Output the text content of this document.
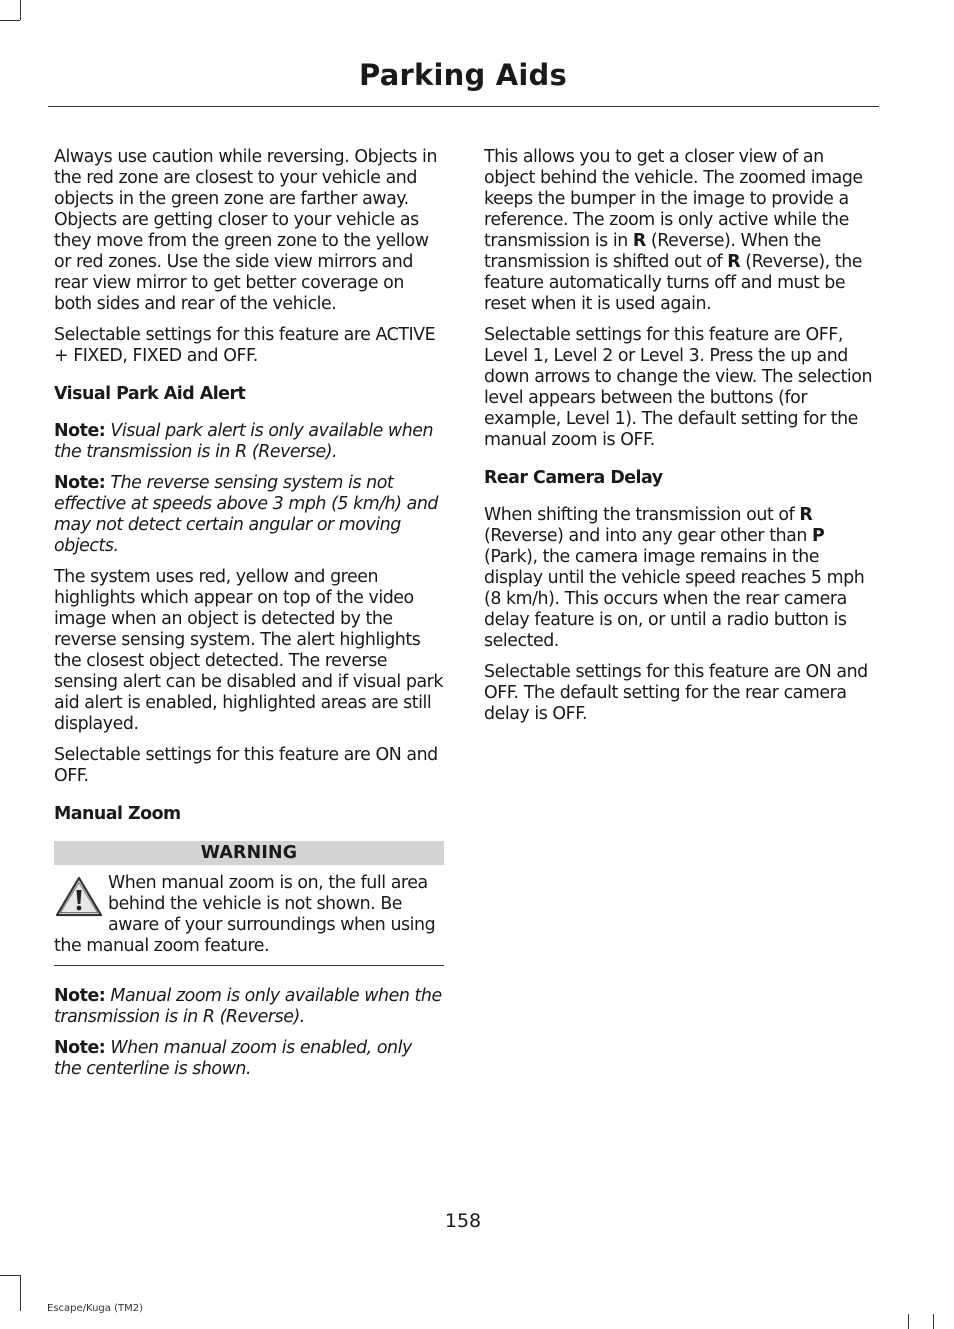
Parking Aids

Always use caution while reversing. Objects in the red zone are closest to your vehicle and objects in the green zone are farther away. Objects are getting closer to your vehicle as they move from the green zone to the yellow or red zones. Use the side view mirrors and rear view mirror to get better coverage on both sides and rear of the vehicle.

Selectable settings for this feature are ACTIVE + FIXED, FIXED and OFF.

Visual Park Aid Alert

Note: Visual park alert is only available when the transmission is in R (Reverse).

Note: The reverse sensing system is not effective at speeds above 3 mph (5 km/h) and may not detect certain angular or moving objects.

The system uses red, yellow and green highlights which appear on top of the video image when an object is detected by the reverse sensing system. The alert highlights the closest object detected. The reverse sensing alert can be disabled and if visual park aid alert is enabled, highlighted areas are still displayed.

Selectable settings for this feature are ON and OFF.

Manual Zoom
WARNING
When manual zoom is on, the full area behind the vehicle is not shown. Be aware of your surroundings when using the manual zoom feature.

Note: Manual zoom is only available when the transmission is in R (Reverse).

Note: When manual zoom is enabled, only the centerline is shown.

This allows you to get a closer view of an object behind the vehicle. The zoomed image keeps the bumper in the image to provide a reference. The zoom is only active while the transmission is in R (Reverse). When the transmission is shifted out of R (Reverse), the feature automatically turns off and must be reset when it is used again.

Selectable settings for this feature are OFF, Level 1, Level 2 or Level 3. Press the up and down arrows to change the view. The selection level appears between the buttons (for example, Level 1). The default setting for the manual zoom is OFF.

Rear Camera Delay

When shifting the transmission out of R (Reverse) and into any gear other than P (Park), the camera image remains in the display until the vehicle speed reaches 5 mph (8 km/h). This occurs when the rear camera delay feature is on, or until a radio button is selected.

Selectable settings for this feature are ON and OFF. The default setting for the rear camera delay is OFF.

158
Escape/Kuga (TM2)
